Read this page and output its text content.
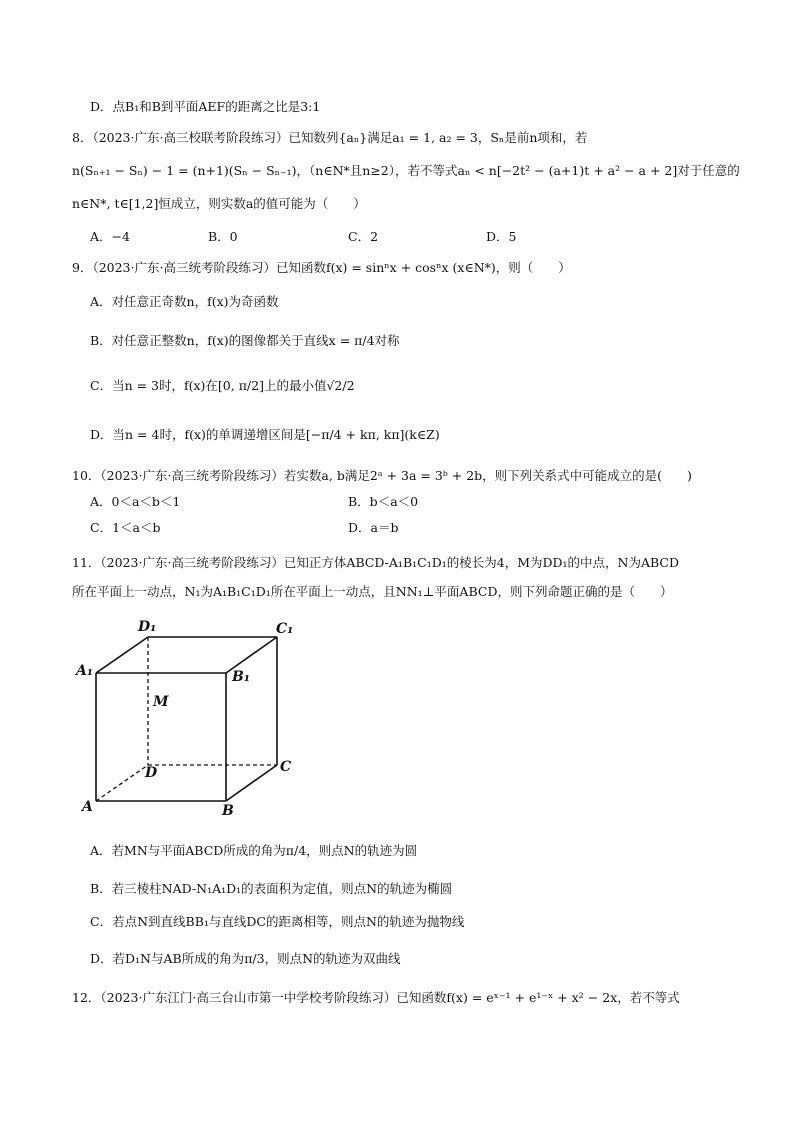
D．点B₁和B到平面AEF的距离之比是3:1
8．（2023·广东·高三校联考阶段练习）已知数列{aₙ}满足a₁ = 1, a₂ = 3，Sₙ是前n项和，若
n(Sₙ₊₁ − Sₙ) − 1 = (n+1)(Sₙ − Sₙ₋₁)，（n∈N*且n≥2），若不等式aₙ < n[−2t² − (a+1)t + a² − a + 2]对于任意的
n∈N*, t∈[1,2]恒成立，则实数a的值可能为（　　）
A．−4	B．0	C．2	D．5
9．（2023·广东·高三统考阶段练习）已知函数f(x) = sinⁿx + cosⁿx (x∈N*)，则（　　）
A．对任意正奇数n，f(x)为奇函数
B．对任意正整数n，f(x)的图像都关于直线x = π/4对称
C．当n = 3时，f(x)在[0, π/2]上的最小值√2/2
D．当n = 4时，f(x)的单调递增区间是[−π/4 + kπ, kπ](k∈Z)
10．（2023·广东·高三统考阶段练习）若实数a, b满足2ᵃ + 3a = 3ᵇ + 2b，则下列关系式中可能成立的是(　　)
A．0＜a＜b＜1	B．b＜a＜0
C．1＜a＜b	D．a＝b
11．（2023·广东·高三统考阶段练习）已知正方体ABCD-A₁B₁C₁D₁的棱长为4，M为DD₁的中点，N为ABCD
所在平面上一动点，N₁为A₁B₁C₁D₁所在平面上一动点，且NN₁⊥平面ABCD，则下列命题正确的是（　　）
D₁	C₁
A₁	B₁
M
D	C
A	B
A．若MN与平面ABCD所成的角为π/4，则点N的轨迹为圆
B．若三棱柱NAD-N₁A₁D₁的表面积为定值，则点N的轨迹为椭圆
C．若点N到直线BB₁与直线DC的距离相等，则点N的轨迹为抛物线
D．若D₁N与AB所成的角为π/3，则点N的轨迹为双曲线
12．（2023·广东江门·高三台山市第一中学校考阶段练习）已知函数f(x) = eˣ⁻¹ + e¹⁻ˣ + x² − 2x，若不等式
